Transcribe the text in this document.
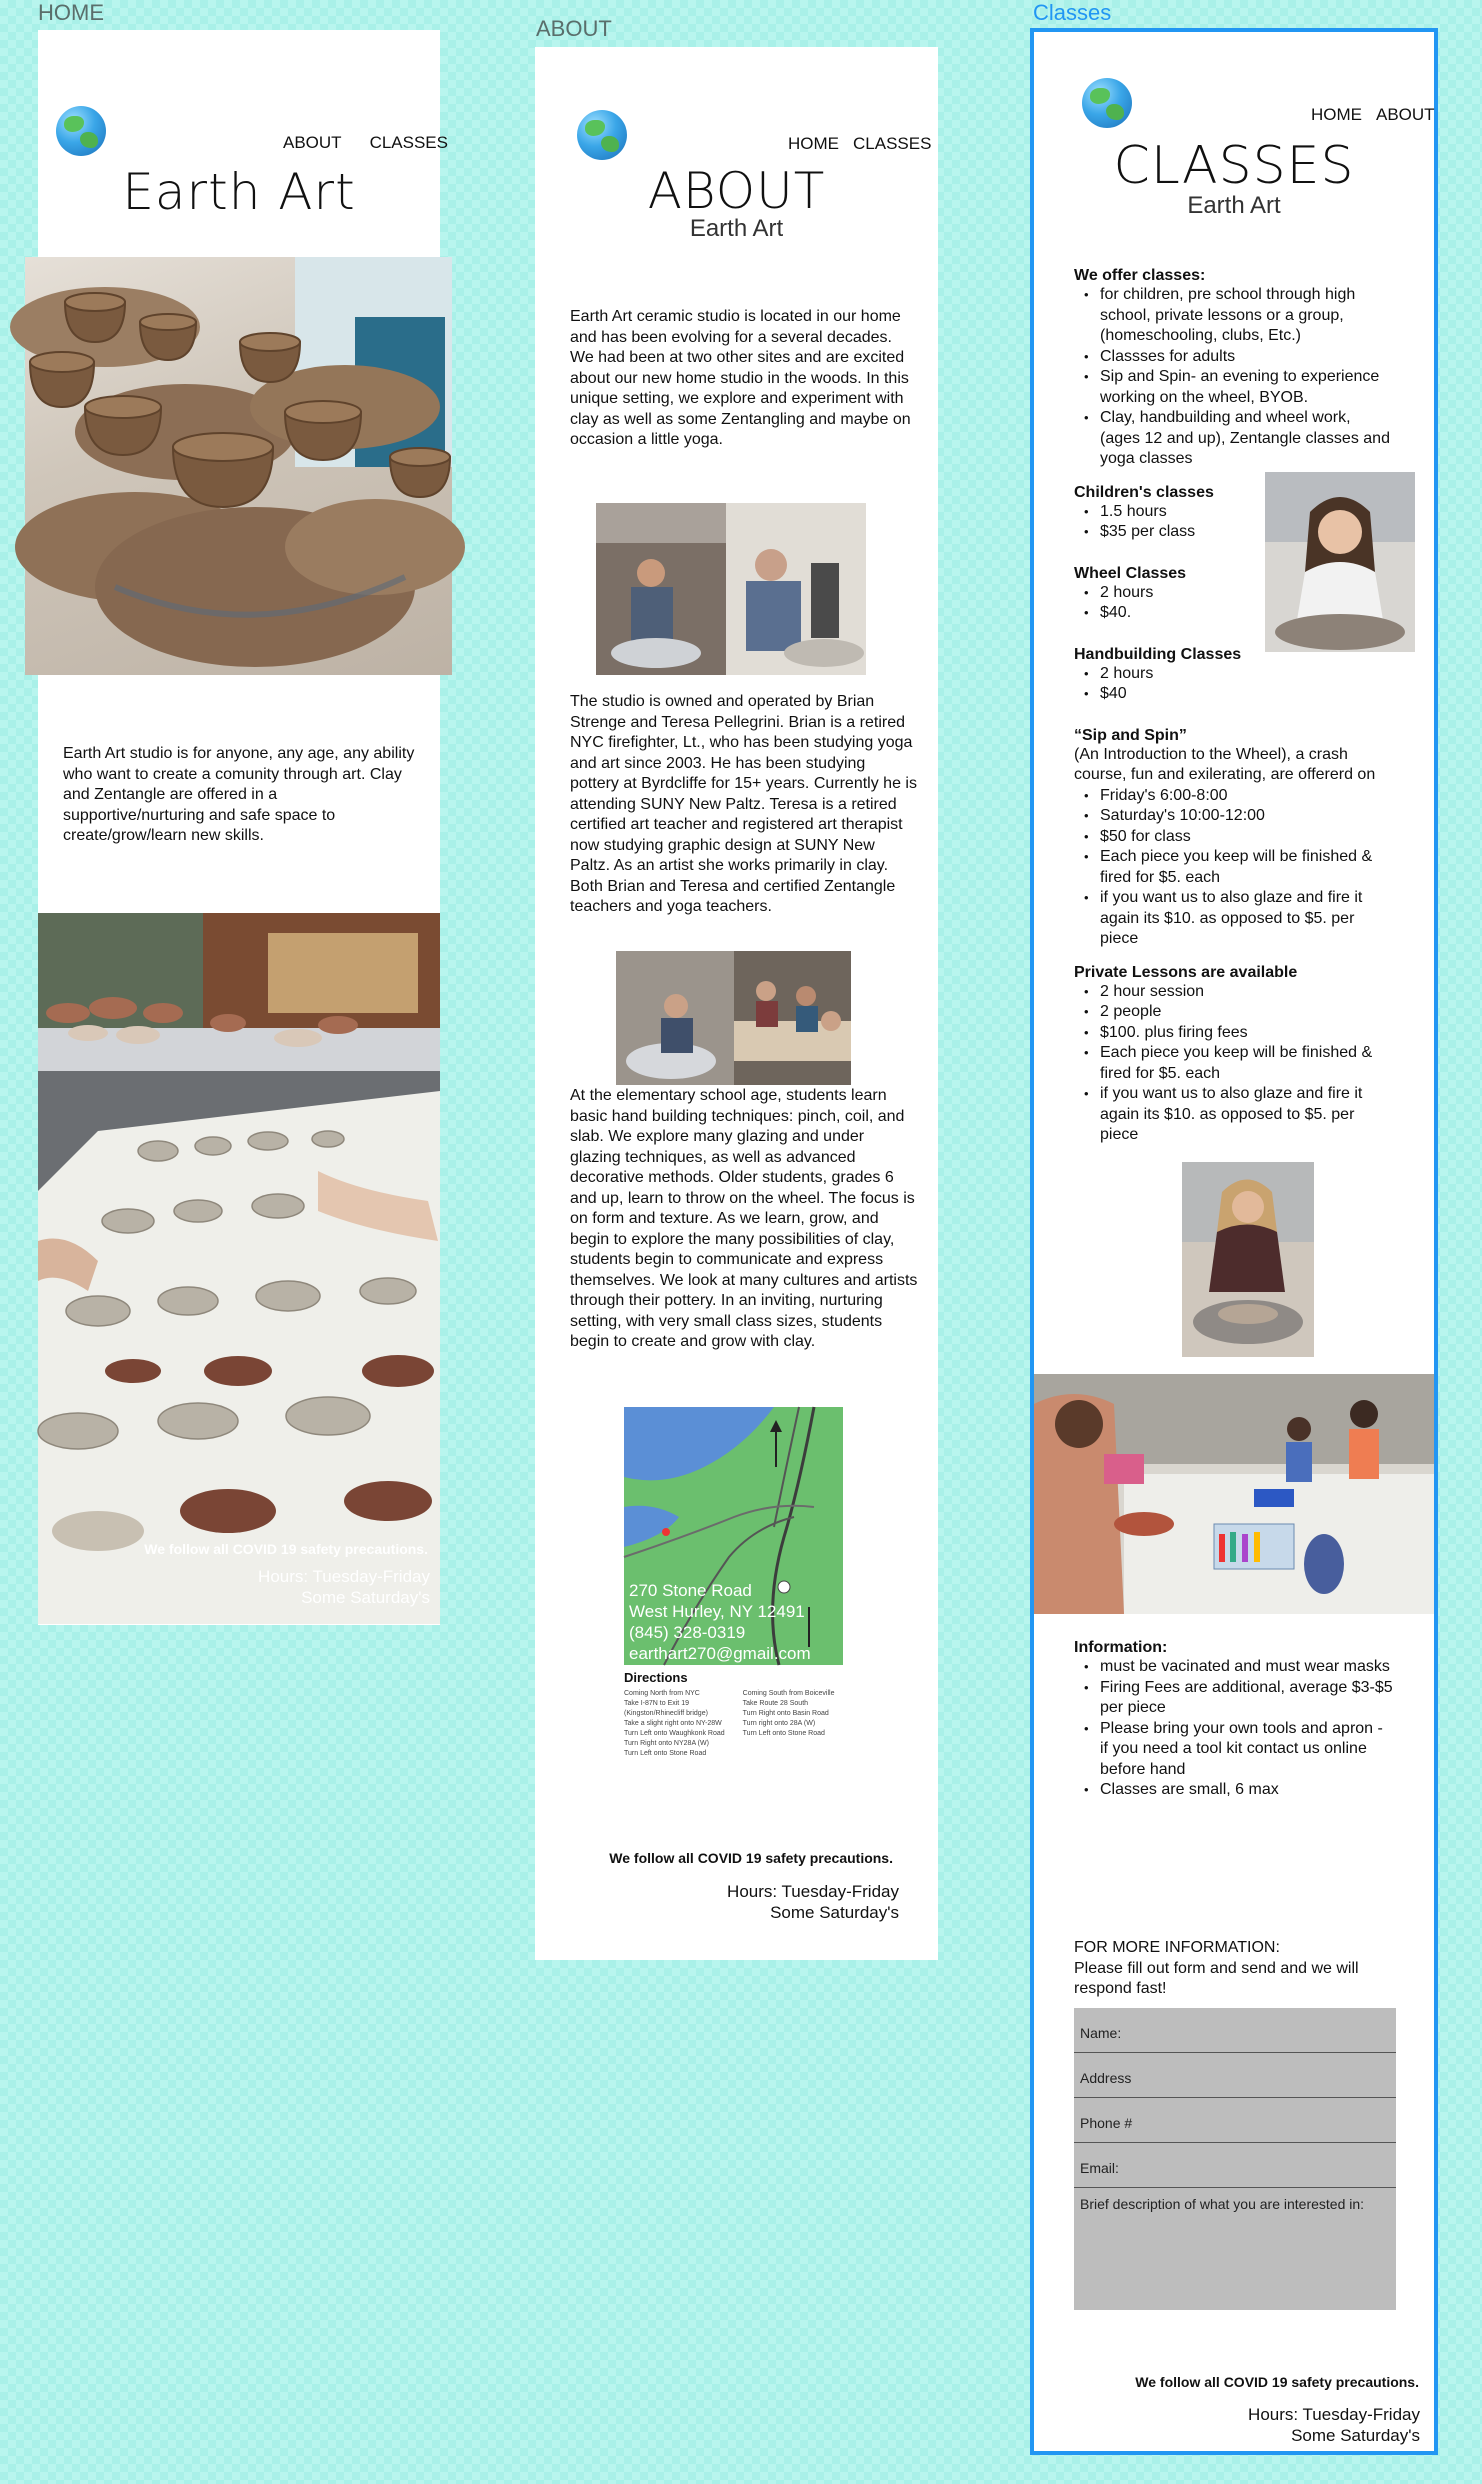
HOME
ABOUT CLASSES
Earth Art
Earth Art studio is for anyone, any age, any ability who want to create a comunity through art. Clay and Zentangle are offered in a supportive/nurturing and safe space to create/grow/learn new skills.
We follow all COVID 19 safety precautions.
Hours: Tuesday-Friday
Some Saturday's
ABOUT
HOME CLASSES
ABOUT
Earth Art
Earth Art ceramic studio is located in our home and has been evolving for a several decades. We had been at two other sites and are excited about our new home studio in the woods. In this unique setting, we explore and experiment with clay as well as some Zentangling and maybe on occasion a little yoga.
The studio is owned and operated by Brian Strenge and Teresa Pellegrini. Brian is a retired NYC firefighter, Lt., who has been studying yoga and art since 2003. He has been studying pottery at Byrdcliffe for 15+ years. Currently he is attending SUNY New Paltz. Teresa is a retired certified art teacher and registered art therapist now studying graphic design at SUNY New Paltz. As an artist she works primarily in clay. Both Brian and Teresa and certified Zentangle teachers and yoga teachers.
At the elementary school age, students learn basic hand building techniques: pinch, coil, and slab. We explore many glazing and under glazing techniques, as well as advanced decorative methods. Older students, grades 6 and up, learn to throw on the wheel. The focus is on form and texture. As we learn, grow, and begin to explore the many possibilities of clay, students begin to communicate and express themselves. We look at many cultures and artists through their pottery. In an inviting, nurturing setting, with very small class sizes, students begin to create and grow with clay.
270 Stone Road
West Hurley, NY 12491
(845) 328-0319
earthart270@gmail.com
Directions
Coming North from NYC
Take I-87N to Exit 19
(Kingston/Rhinecliff bridge)
Take a slight right onto NY-28W
Turn Left onto Waughkonk Road
Turn Right onto NY28A (W)
Turn Left onto Stone Road
Coming South from Boiceville
Take Route 28 South
Turn Right onto Basin Road
Turn right onto 28A (W)
Turn Left onto Stone Road
We follow all COVID 19 safety precautions.
Hours: Tuesday-Friday
Some Saturday's
Classes
HOME ABOUT
CLASSES
Earth Art
We offer classes:
• for children, pre school through high school, private lessons or a group, (homeschooling, clubs, Etc.)
• Classses for adults
• Sip and Spin- an evening to experience working on the wheel, BYOB.
• Clay, handbuilding and wheel work, (ages 12 and up), Zentangle classes and yoga classes
Children's classes
• 1.5 hours
• $35 per class
Wheel Classes
• 2 hours
• $40.
Handbuilding Classes
• 2 hours
• $40
“Sip and Spin”
(An Introduction to the Wheel), a crash course, fun and exilerating, are offererd on
• Friday's 6:00-8:00
• Saturday's 10:00-12:00
• $50 for class
• Each piece you keep will be finished & fired for $5. each
• if you want us to also glaze and fire it again its $10. as opposed to $5. per piece
Private Lessons are available
• 2 hour session
• 2 people
• $100. plus firing fees
• Each piece you keep will be finished & fired for $5. each
• if you want us to also glaze and fire it again its $10. as opposed to $5. per piece
Information:
• must be vacinated and must wear masks
• Firing Fees are additional, average $3-$5 per piece
• Please bring your own tools and apron - if you need a tool kit contact us online before hand
• Classes are small, 6 max
FOR MORE INFORMATION:
Please fill out form and send and we will respond fast!
Name:
Address
Phone #
Email:
Brief description of what you are interested in:
We follow all COVID 19 safety precautions.
Hours: Tuesday-Friday
Some Saturday's
